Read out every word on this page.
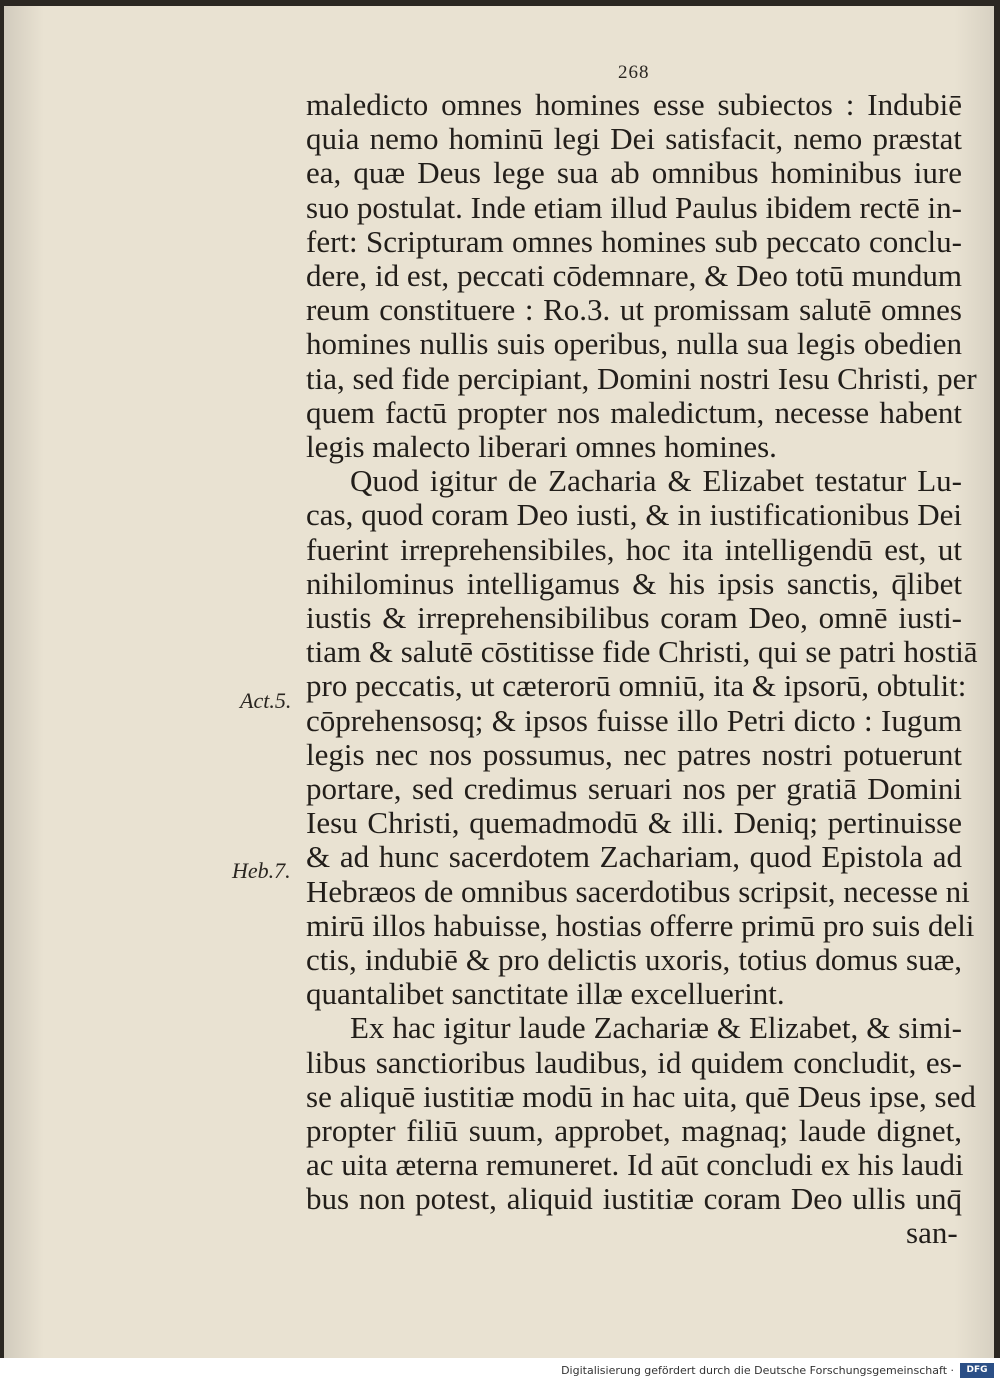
268
maledicto omnes homines esse subiectos : Indubiē
quia nemo hominū legi Dei satisfacit, nemo præstat
ea, quæ Deus lege sua ab omnibus hominibus iure
suo postulat. Inde etiam illud Paulus ibidem rectē in-
fert: Scripturam omnes homines sub peccato conclu-
dere, id est, peccati cōdemnare, & Deo totū mundum
reum constituere : Ro.3. ut promissam salutē omnes
homines nullis suis operibus, nulla sua legis obedien
tia, sed fide percipiant, Domini nostri Iesu Christi, per
quem factū propter nos maledictum, necesse habent
legis malecto liberari omnes homines.
Quod igitur de Zacharia & Elizabet testatur Lu-
cas, quod coram Deo iusti, & in iustificationibus Dei
fuerint irreprehensibiles, hoc ita intelligendū est, ut
nihilominus intelligamus & his ipsis sanctis, q̄libet
iustis & irreprehensibilibus coram Deo, omnē iusti-
tiam & salutē cōstitisse fide Christi, qui se patri hostiā
pro peccatis, ut cæterorū omniū, ita & ipsorū, obtulit:
cōprehensosq; & ipsos fuisse illo Petri dicto : Iugum
legis nec nos possumus, nec patres nostri potuerunt
portare, sed credimus seruari nos per gratiā Domini
Iesu Christi, quemadmodū & illi. Deniq; pertinuisse
& ad hunc sacerdotem Zachariam, quod Epistola ad
Hebræos de omnibus sacerdotibus scripsit, necesse ni
mirū illos habuisse, hostias offerre primū pro suis deli
ctis, indubiē & pro delictis uxoris, totius domus suæ,
quantalibet sanctitate illæ excelluerint.
Ex hac igitur laude Zachariæ & Elizabet, & simi-
libus sanctioribus laudibus, id quidem concludit, es-
se aliquē iustitiæ modū in hac uita, quē Deus ipse, sed
propter filiū suum, approbet, magnaq; laude dignet,
ac uita æterna remuneret. Id aūt concludi ex his laudi
bus non potest, aliquid iustitiæ coram Deo ullis unq̄
san-
Act.5.
Heb.7.
Digitalisierung gefördert durch die Deutsche Forschungsgemeinschaft ·	DFG
